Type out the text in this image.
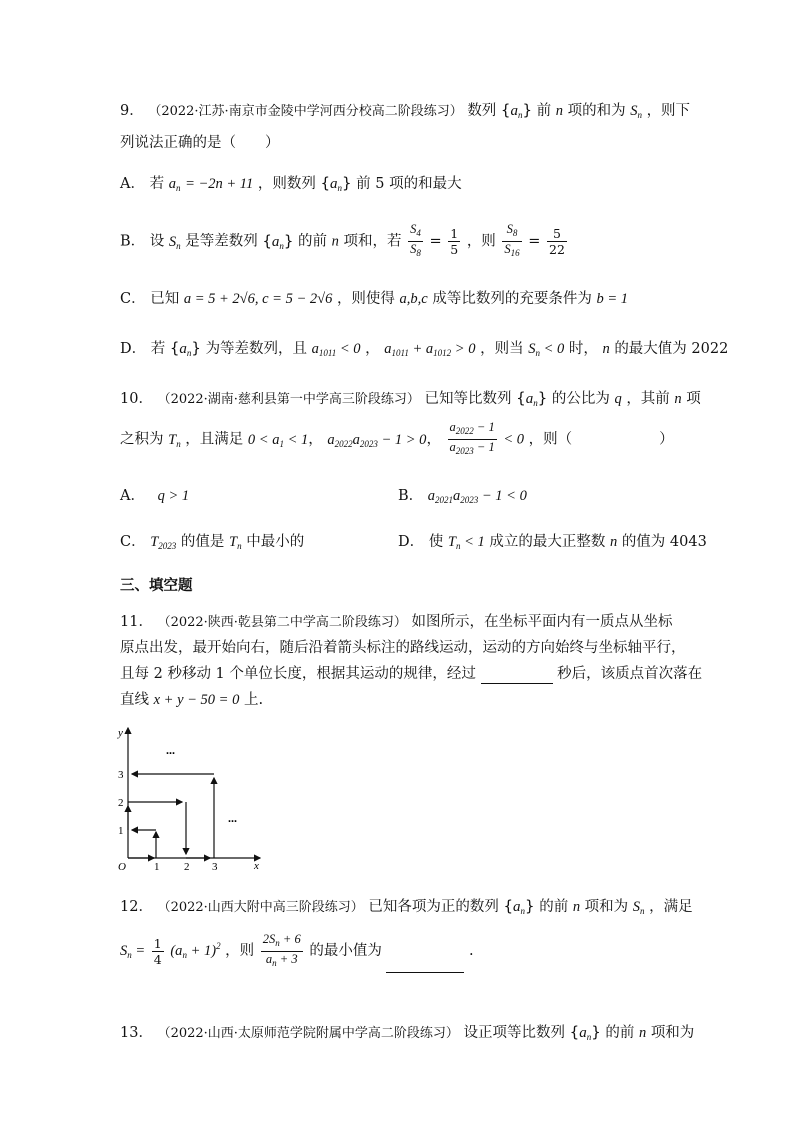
9． （2022·江苏·南京市金陵中学河西分校高二阶段练习） 数列 $\{a_n\}$ 前 n 项的和为 $S_n$ ，则下
列说法正确的是（　　）
A． 若 $a_n = -2n + 11$ ，则数列 $\{a_n\}$ 前 5 项的和最大
B． 设 $S_n$ 是等差数列 $\{a_n\}$ 的前 n 项和，若 $\frac{S_4}{S_8} = \frac{1}{5}$ ，则 $\frac{S_8}{S_{16}} = \frac{5}{22}$
C． 已知 a = 5 + 2√6, c = 5 − 2√6 ，则使得 a,b,c 成等比数列的充要条件为 b = 1
D． 若 $\{a_n\}$ 为等差数列，且 $a_{1011} < 0$ ， $a_{1011} + a_{1012} > 0$ ，则当 $S_n < 0$ 时， n 的最大值为 2022
10． （2022·湖南·慈利县第一中学高三阶段练习） 已知等比数列 $\{a_n\}$ 的公比为 q ，其前 n 项
之积为 $T_n$ ，且满足 $0 < a_1 < 1$， $a_{2022}a_{2023} - 1 > 0$， $\frac{a_{2022} - 1}{a_{2023} - 1} < 0$ ，则（　　　　　　）
A． q > 1	B． $a_{2021}a_{2023} - 1 < 0$
C． $T_{2023}$ 的值是 $T_n$ 中最小的	D． 使 $T_n < 1$ 成立的最大正整数 n 的值为 4043
三、填空题
11． （2022·陕西·乾县第二中学高二阶段练习） 如图所示，在坐标平面内有一质点从坐标
原点出发，最开始向右，随后沿着箭头标注的路线运动，运动的方向始终与坐标轴平行，
且每 2 秒移动 1 个单位长度，根据其运动的规律，经过	秒后，该质点首次落在
直线 x + y − 50 = 0 上.
y
x
O	1 2 3
1
2
3
...
...
12． （2022·山西大附中高三阶段练习） 已知各项为正的数列 $\{a_n\}$ 的前 n 项和为 $S_n$ ，满足
$S_n = \frac{1}{4} (a_n + 1)^2$ ，则 $\frac{2S_n + 6}{a_n + 3}$ 的最小值为	.
13． （2022·山西·太原师范学院附属中学高二阶段练习） 设正项等比数列 $\{a_n\}$ 的前 n 项和为
